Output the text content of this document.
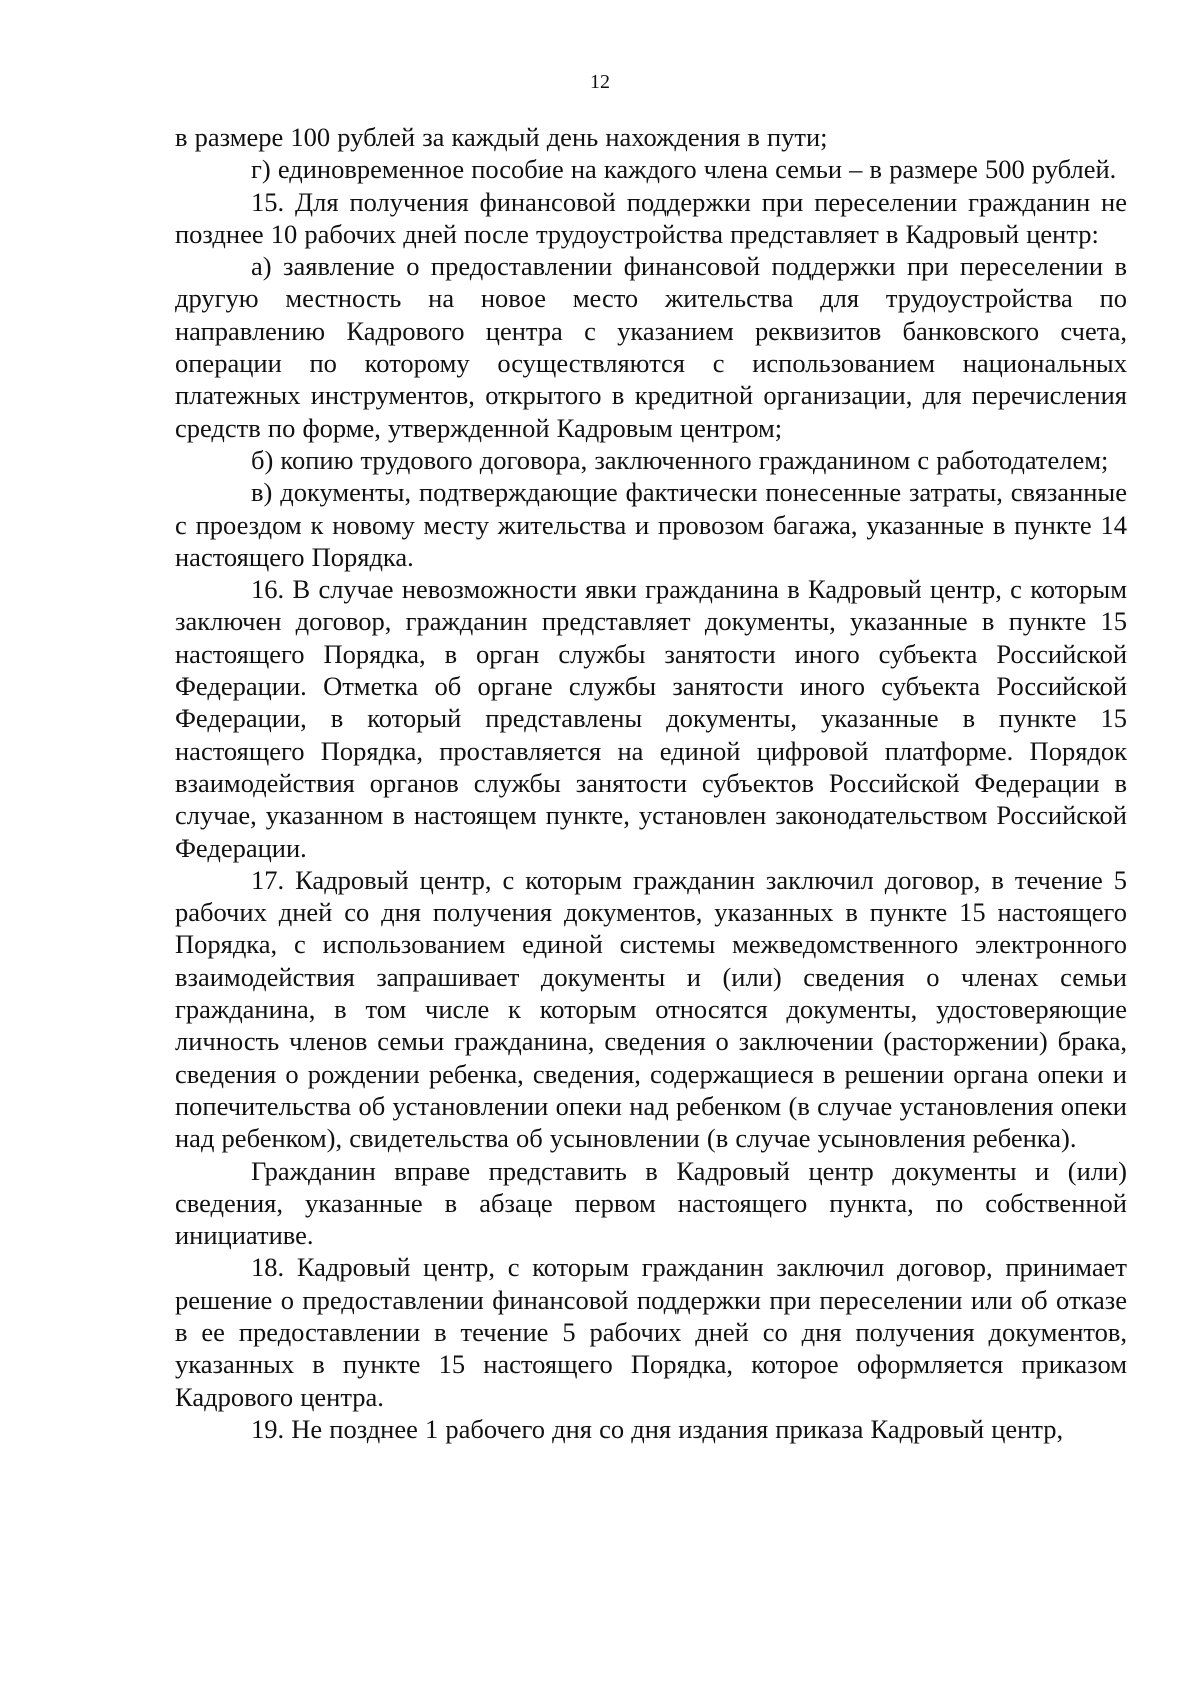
12

в размере 100 рублей за каждый день нахождения в пути;

г) единовременное пособие на каждого члена семьи – в размере 500 рублей.

15. Для получения финансовой поддержки при переселении гражданин не позднее 10 рабочих дней после трудоустройства представляет в Кадровый центр:

а) заявление о предоставлении финансовой поддержки при переселении в другую местность на новое место жительства для трудоустройства по направлению Кадрового центра с указанием реквизитов банковского счета, операции по которому осуществляются с использованием национальных платежных инструментов, открытого в кредитной организации, для перечисления средств по форме, утвержденной Кадровым центром;

б) копию трудового договора, заключенного гражданином с работодателем;

в) документы, подтверждающие фактически понесенные затраты, связанные с проездом к новому месту жительства и провозом багажа, указанные в пункте 14 настоящего Порядка.

16. В случае невозможности явки гражданина в Кадровый центр, с которым заключен договор, гражданин представляет документы, указанные в пункте 15 настоящего Порядка, в орган службы занятости иного субъекта Российской Федерации. Отметка об органе службы занятости иного субъекта Российской Федерации, в который представлены документы, указанные в пункте 15 настоящего Порядка, проставляется на единой цифровой платформе. Порядок взаимодействия органов службы занятости субъектов Российской Федерации в случае, указанном в настоящем пункте, установлен законодательством Российской Федерации.

17. Кадровый центр, с которым гражданин заключил договор, в течение 5 рабочих дней со дня получения документов, указанных в пункте 15 настоящего Порядка, с использованием единой системы межведомственного электронного взаимодействия запрашивает документы и (или) сведения о членах семьи гражданина, в том числе к которым относятся документы, удостоверяющие личность членов семьи гражданина, сведения о заключении (расторжении) брака, сведения о рождении ребенка, сведения, содержащиеся в решении органа опеки и попечительства об установлении опеки над ребенком (в случае установления опеки над ребенком), свидетельства об усыновлении (в случае усыновления ребенка).

Гражданин вправе представить в Кадровый центр документы и (или) сведения, указанные в абзаце первом настоящего пункта, по собственной инициативе.

18. Кадровый центр, с которым гражданин заключил договор, принимает решение о предоставлении финансовой поддержки при переселении или об отказе в ее предоставлении в течение 5 рабочих дней со дня получения документов, указанных в пункте 15 настоящего Порядка, которое оформляется приказом Кадрового центра.

19. Не позднее 1 рабочего дня со дня издания приказа Кадровый центр,
